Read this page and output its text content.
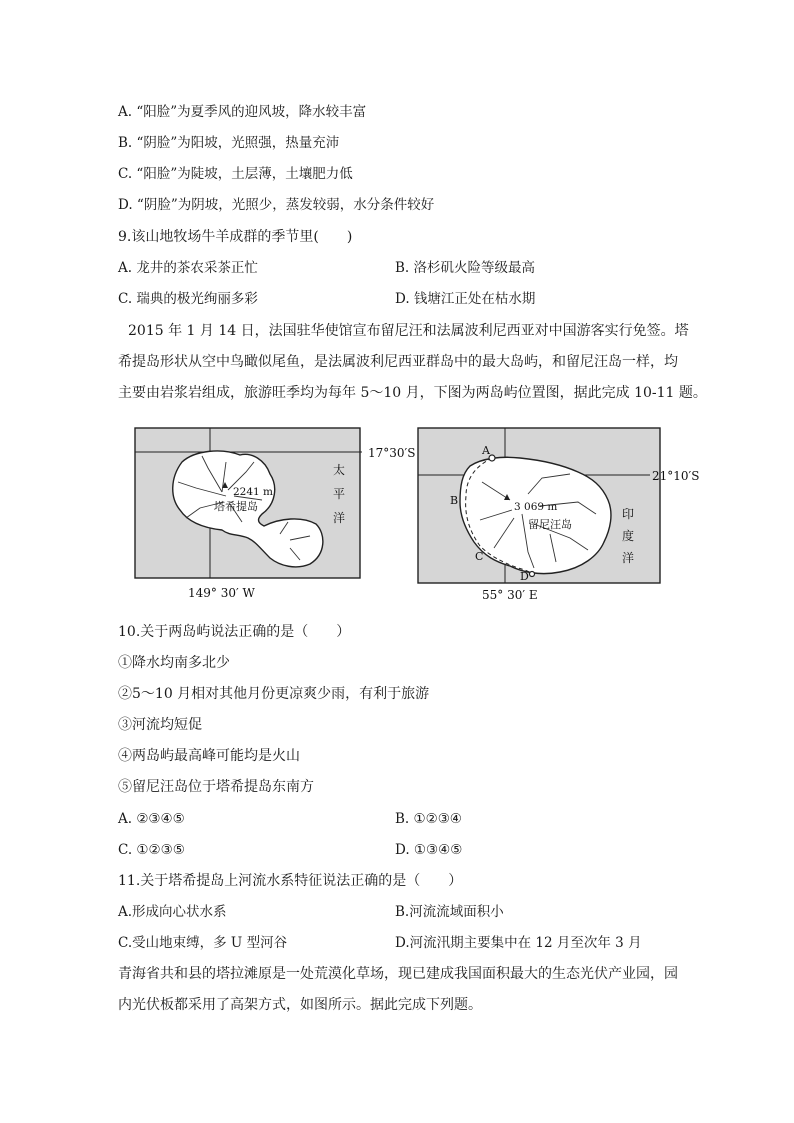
A. “阳脸”为夏季风的迎风坡，降水较丰富
B. “阴脸”为阳坡，光照强，热量充沛
C. “阳脸”为陡坡，土层薄，土壤肥力低
D. “阴脸”为阴坡，光照少，蒸发较弱，水分条件较好
9.该山地牧场牛羊成群的季节里(　　)
A. 龙井的茶农采茶正忙	B. 洛杉矶火险等级最高
C. 瑞典的极光绚丽多彩	D. 钱塘江正处在枯水期
2015 年 1 月 14 日，法国驻华使馆宣布留尼汪和法属波利尼西亚对中国游客实行免签。塔
希提岛形状从空中鸟瞰似尾鱼，是法属波利尼西亚群岛中的最大岛屿，和留尼汪岛一样，均
主要由岩浆岩组成，旅游旺季均为每年 5～10 月，下图为两岛屿位置图，据此完成 10-11 题。
2241 m
塔希提岛
太
平
洋
17°30′S
149° 30′ W
A
B
C
D
3 069 m
留尼汪岛
印
度
洋
21°10′S
55° 30′ E
10.关于两岛屿说法正确的是（　　）
①降水均南多北少
②5～10 月相对其他月份更凉爽少雨，有利于旅游
③河流均短促
④两岛屿最高峰可能均是火山
⑤留尼汪岛位于塔希提岛东南方
A. ②③④⑤	B. ①②③④
C. ①②③⑤	D. ①③④⑤
11.关于塔希提岛上河流水系特征说法正确的是（　　）
A.形成向心状水系	B.河流流域面积小
C.受山地束缚，多 U 型河谷	D.河流汛期主要集中在 12 月至次年 3 月
青海省共和县的塔拉滩原是一处荒漠化草场，现已建成我国面积最大的生态光伏产业园，园
内光伏板都采用了高架方式，如图所示。据此完成下列题。
